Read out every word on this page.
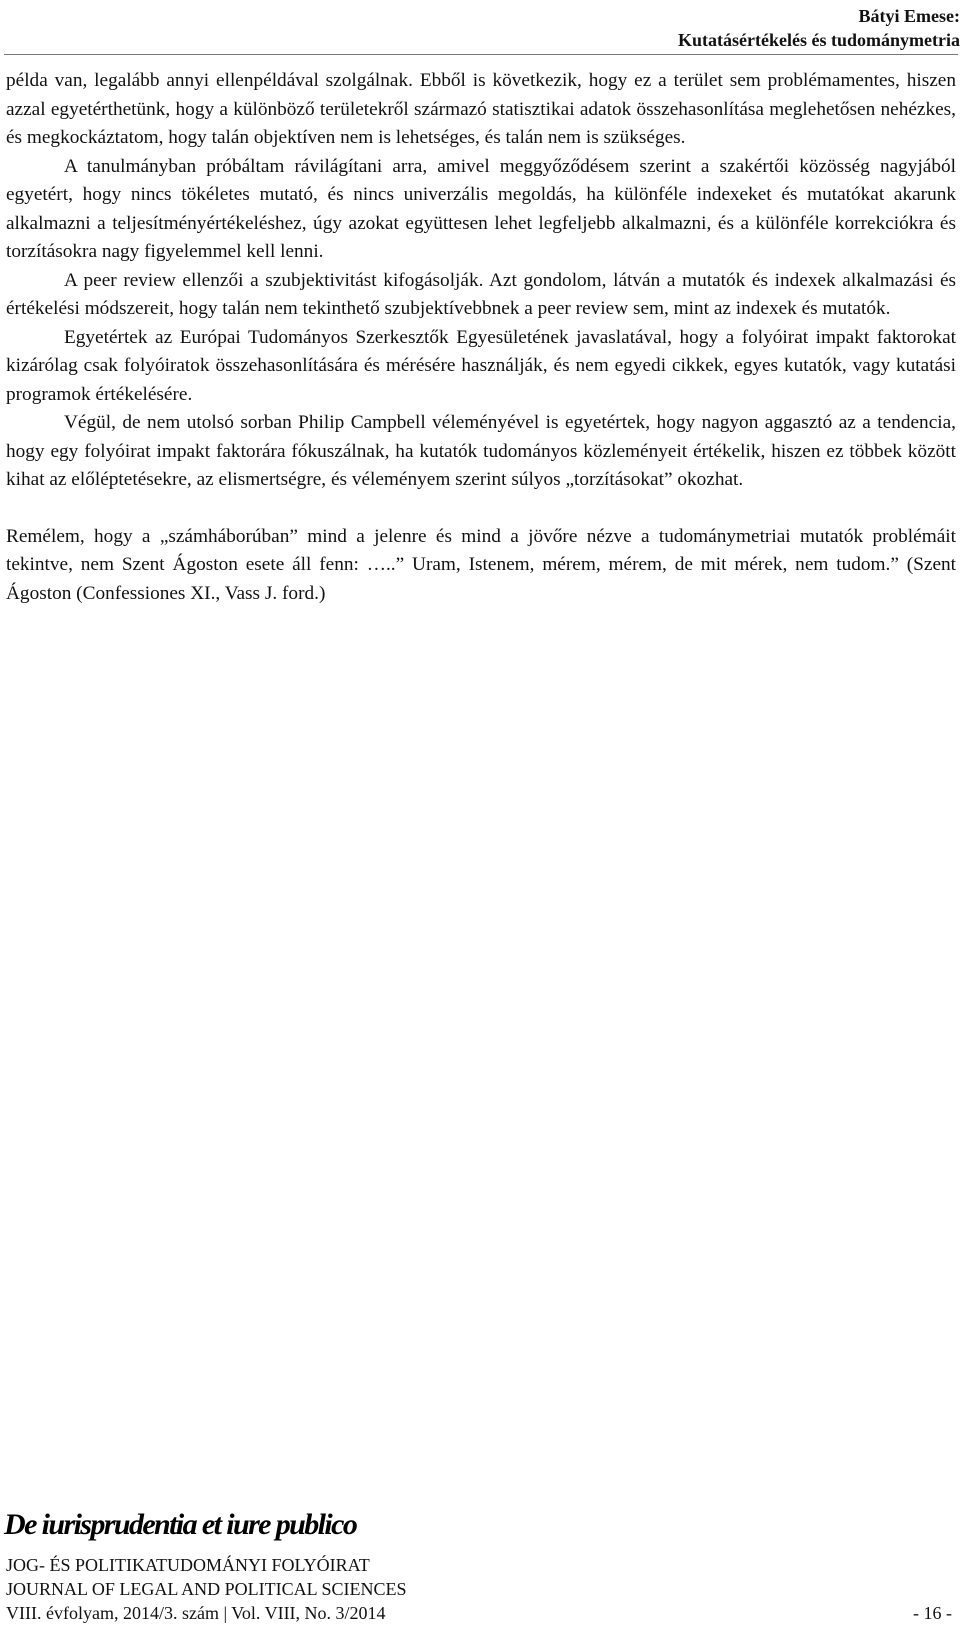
Bátyi Emese:
Kutatásértékelés és tudománymetria

példa van, legalább annyi ellenpéldával szolgálnak. Ebből is következik, hogy ez a terület sem problémamentes, hiszen azzal egyetérthetünk, hogy a különböző területekről származó statisztikai adatok összehasonlítása meglehetősen nehézkes, és megkockáztatom, hogy talán objektíven nem is lehetséges, és talán nem is szükséges.

A tanulmányban próbáltam rávilágítani arra, amivel meggyőződésem szerint a szakértői közösség nagyjából egyetért, hogy nincs tökéletes mutató, és nincs univerzális megoldás, ha különféle indexeket és mutatókat akarunk alkalmazni a teljesítményértékeléshez, úgy azokat együttesen lehet legfeljebb alkalmazni, és a különféle korrekciókra és torzításokra nagy figyelemmel kell lenni.

A peer review ellenzői a szubjektivitást kifogásolják. Azt gondolom, látván a mutatók és indexek alkalmazási és értékelési módszereit, hogy talán nem tekinthető szubjektívebbnek a peer review sem, mint az indexek és mutatók.

Egyetértek az Európai Tudományos Szerkesztők Egyesületének javaslatával, hogy a folyóirat impakt faktorokat kizárólag csak folyóiratok összehasonlítására és mérésére használják, és nem egyedi cikkek, egyes kutatók, vagy kutatási programok értékelésére.

Végül, de nem utolsó sorban Philip Campbell véleményével is egyetértek, hogy nagyon aggasztó az a tendencia, hogy egy folyóirat impakt faktorára fókuszálnak, ha kutatók tudományos közleményeit értékelik, hiszen ez többek között kihat az előléptetésekre, az elismertségre, és véleményem szerint súlyos „torzításokat” okozhat.

Remélem, hogy a „számháborúban” mind a jelenre és mind a jövőre nézve a tudománymetriai mutatók problémáit tekintve, nem Szent Ágoston esete áll fenn: …..” Uram, Istenem, mérem, mérem, de mit mérek, nem tudom.” (Szent Ágoston (Confessiones XI., Vass J. ford.)

De iurisprudentia et iure publico
JOG- ÉS POLITIKATUDOMÁNYI FOLYÓIRAT
JOURNAL OF LEGAL AND POLITICAL SCIENCES
VIII. évfolyam, 2014/3. szám | Vol. VIII, No. 3/2014	- 16 -
